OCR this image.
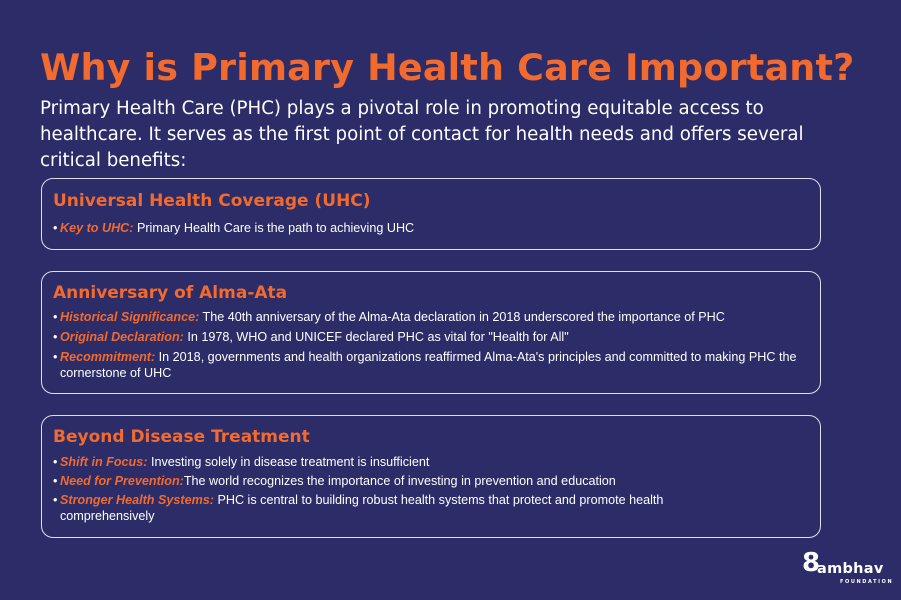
Why is Primary Health Care Important?

Primary Health Care (PHC) plays a pivotal role in promoting equitable access to healthcare. It serves as the first point of contact for health needs and offers several critical benefits:

Universal Health Coverage (UHC)
• Key to UHC: Primary Health Care is the path to achieving UHC
Anniversary of Alma-Ata
• Historical Significance: The 40th anniversary of the Alma-Ata declaration in 2018 underscored the importance of PHC
• Original Declaration: In 1978, WHO and UNICEF declared PHC as vital for "Health for All"
• Recommitment: In 2018, governments and health organizations reaffirmed Alma-Ata's principles and committed to making PHC the cornerstone of UHC
Beyond Disease Treatment
• Shift in Focus: Investing solely in disease treatment is insufficient
• Need for Prevention:The world recognizes the importance of investing in prevention and education
• Stronger Health Systems: PHC is central to building robust health systems that protect and promote health comprehensively
8
ambhav
FOUNDATION
